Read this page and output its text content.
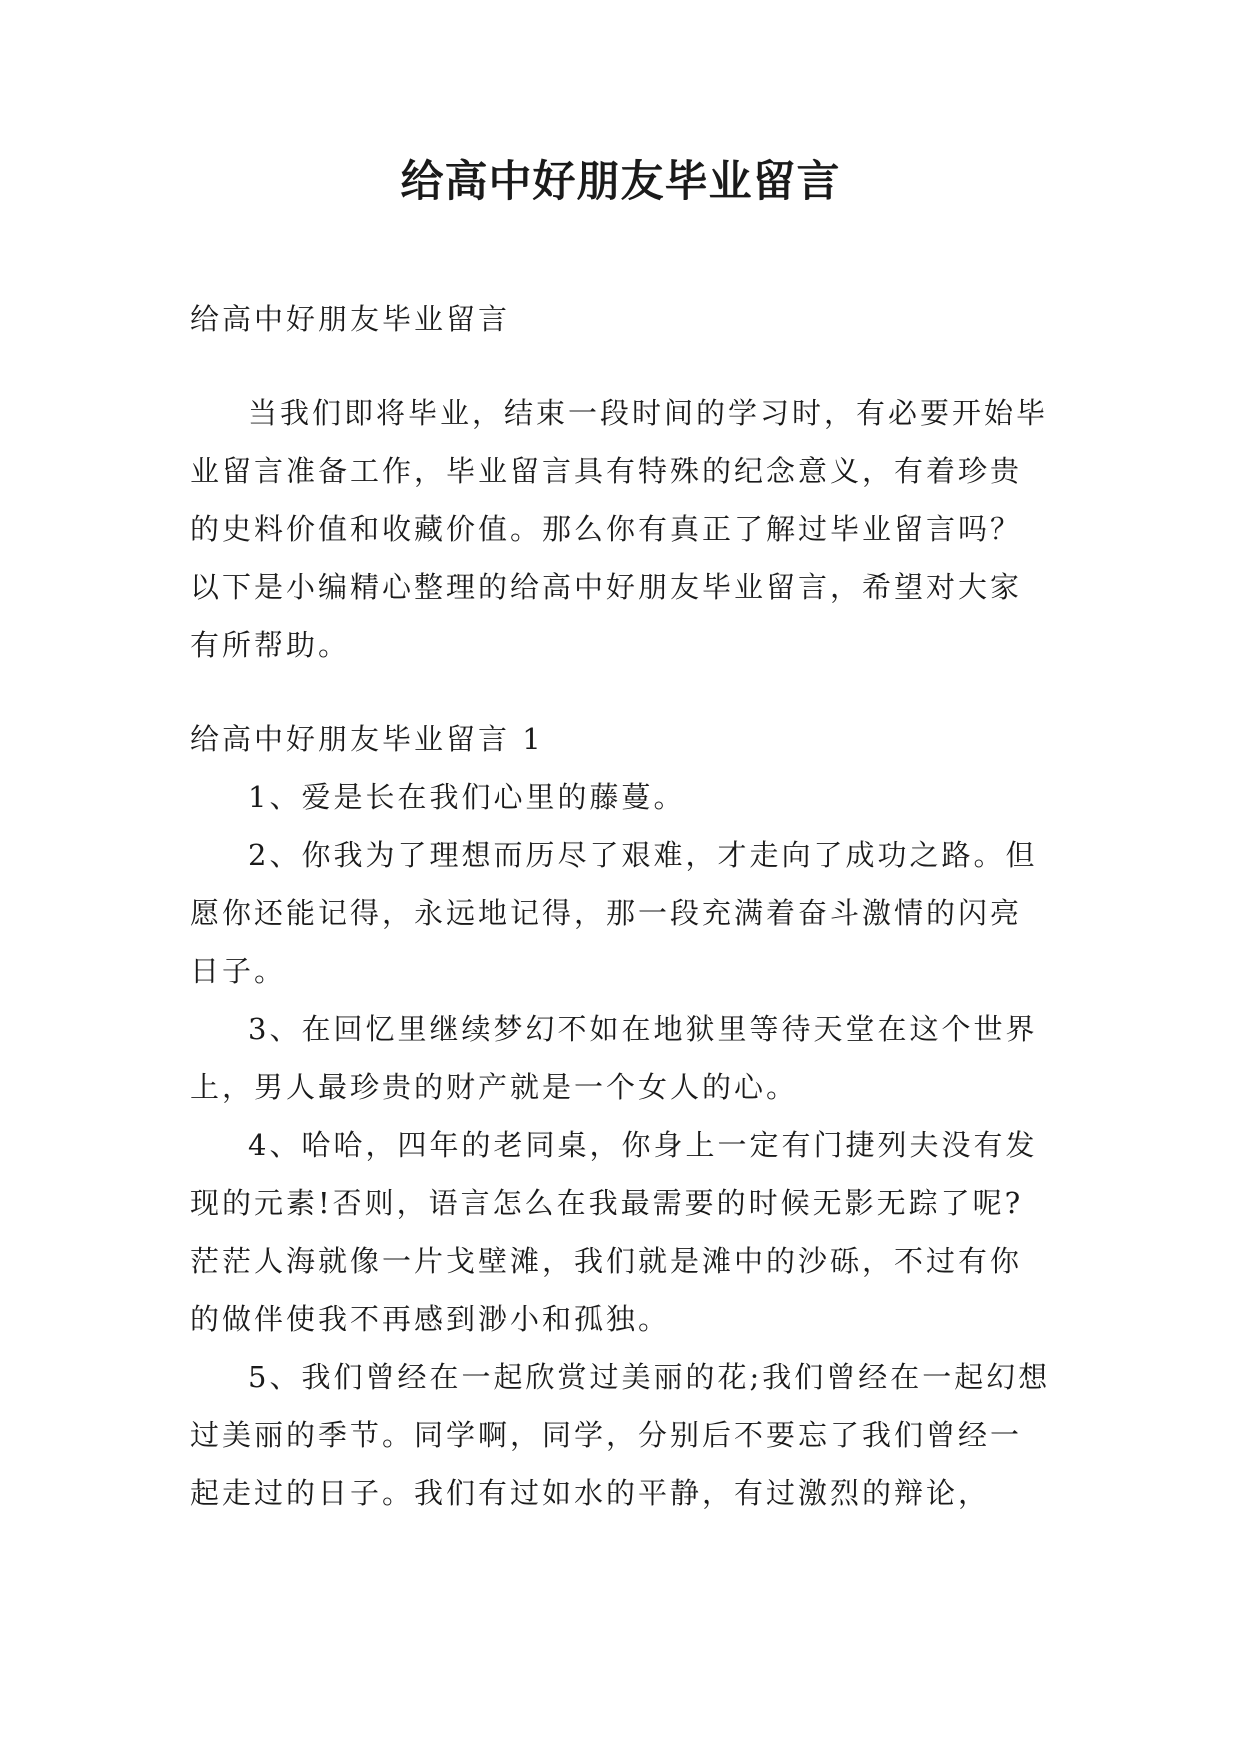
给高中好朋友毕业留言

给高中好朋友毕业留言

当我们即将毕业，结束一段时间的学习时，有必要开始毕业留言准备工作，毕业留言具有特殊的纪念意义，有着珍贵的史料价值和收藏价值。那么你有真正了解过毕业留言吗？以下是小编精心整理的给高中好朋友毕业留言，希望对大家有所帮助。

给高中好朋友毕业留言 1

1、爱是长在我们心里的藤蔓。

2、你我为了理想而历尽了艰难，才走向了成功之路。但愿你还能记得，永远地记得，那一段充满着奋斗激情的闪亮日子。

3、在回忆里继续梦幻不如在地狱里等待天堂在这个世界上，男人最珍贵的财产就是一个女人的心。

4、哈哈，四年的老同桌，你身上一定有门捷列夫没有发现的元素!否则，语言怎么在我最需要的时候无影无踪了呢?茫茫人海就像一片戈壁滩，我们就是滩中的沙砾，不过有你的做伴使我不再感到渺小和孤独。

5、我们曾经在一起欣赏过美丽的花;我们曾经在一起幻想过美丽的季节。同学啊，同学，分别后不要忘了我们曾经一起走过的日子。我们有过如水的平静，有过激烈的辩论，
